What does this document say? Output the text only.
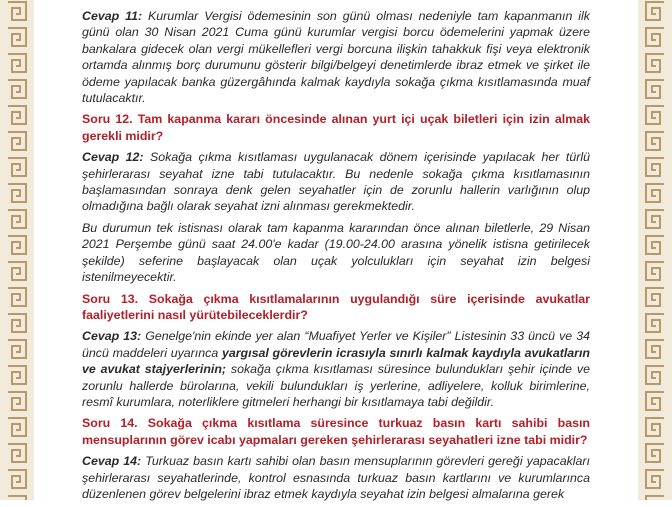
Cevap 11: Kurumlar Vergisi ödemesinin son günü olması nedeniyle tam kapanmanın ilk günü olan 30 Nisan 2021 Cuma günü kurumlar vergisi borcu ödemelerini yapmak üzere bankalara gidecek olan vergi mükellefleri vergi borcuna ilişkin tahakkuk fişi veya elektronik ortamda alınmış borç durumunu gösterir bilgi/belgeyi denetimlerde ibraz etmek ve şirket ile ödeme yapılacak banka güzergâhında kalmak kaydıyla sokağa çıkma kısıtlamasında muaf tutulacaktır.

Soru 12. Tam kapanma kararı öncesinde alınan yurt içi uçak biletleri için izin almak gerekli midir?

Cevap 12: Sokağa çıkma kısıtlaması uygulanacak dönem içerisinde yapılacak her türlü şehirlerarası seyahat izne tabi tutulacaktır. Bu nedenle sokağa çıkma kısıtlamasının başlamasından sonraya denk gelen seyahatler için de zorunlu hallerin varlığının olup olmadığına bağlı olarak seyahat izni alınması gerekmektedir.

Bu durumun tek istisnası olarak tam kapanma kararından önce alınan biletlerle, 29 Nisan 2021 Perşembe günü saat 24.00'e kadar (19.00-24.00 arasına yönelik istisna getirilecek şekilde) seferine başlayacak olan uçak yolculukları için seyahat izin belgesi istenilmeyecektir.

Soru 13. Sokağa çıkma kısıtlamalarının uygulandığı süre içerisinde avukatlar faaliyetlerini nasıl yürütebileceklerdir?

Cevap 13: Genelge'nin ekinde yer alan “Muafiyet Yerler ve Kişiler” Listesinin 33 üncü ve 34 üncü maddeleri uyarınca yargısal görevlerin icrasıyla sınırlı kalmak kaydıyla avukatların ve avukat stajyerlerinin; sokağa çıkma kısıtlaması süresince bulundukları şehir içinde ve zorunlu hallerde bürolarına, vekili bulundukları iş yerlerine, adliyelere, kolluk birimlerine, resmî kurumlara, noterliklere gitmeleri herhangi bir kısıtlamaya tabi değildir.

Soru 14. Sokağa çıkma kısıtlama süresince turkuaz basın kartı sahibi basın mensuplarının görev icabı yapmaları gereken şehirlerarası seyahatleri izne tabi midir?

Cevap 14: Turkuaz basın kartı sahibi olan basın mensuplarının görevleri gereği yapacakları şehirlerarası seyahatlerinde, kontrol esnasında turkuaz basın kartlarını ve kurumlarınca düzenlenen görev belgelerini ibraz etmek kaydıyla seyahat izin belgesi almalarına gerek
